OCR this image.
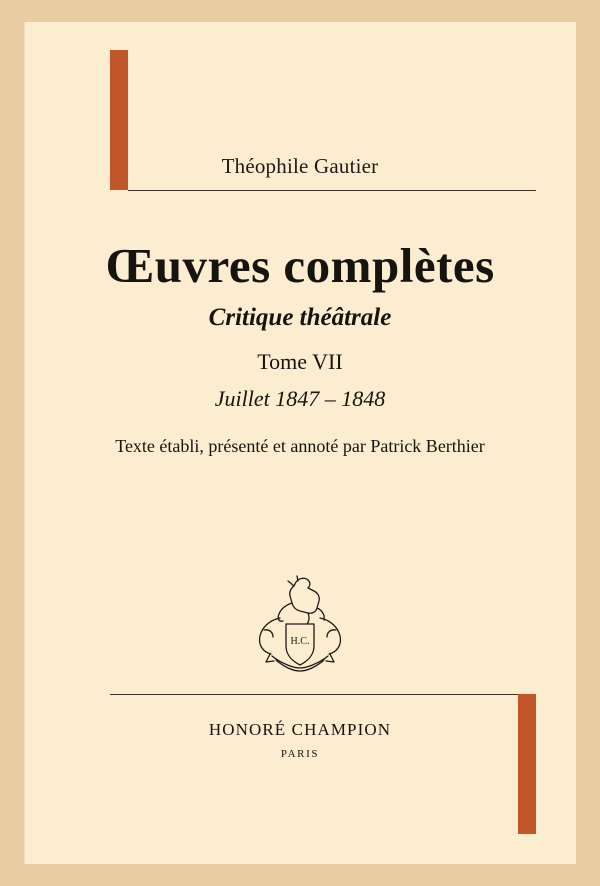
Théophile Gautier
Œuvres complètes
Critique théâtrale
Tome VII
Juillet 1847 – 1848
Texte établi, présenté et annoté par Patrick Berthier
H.C.
HONORÉ CHAMPION
PARIS
